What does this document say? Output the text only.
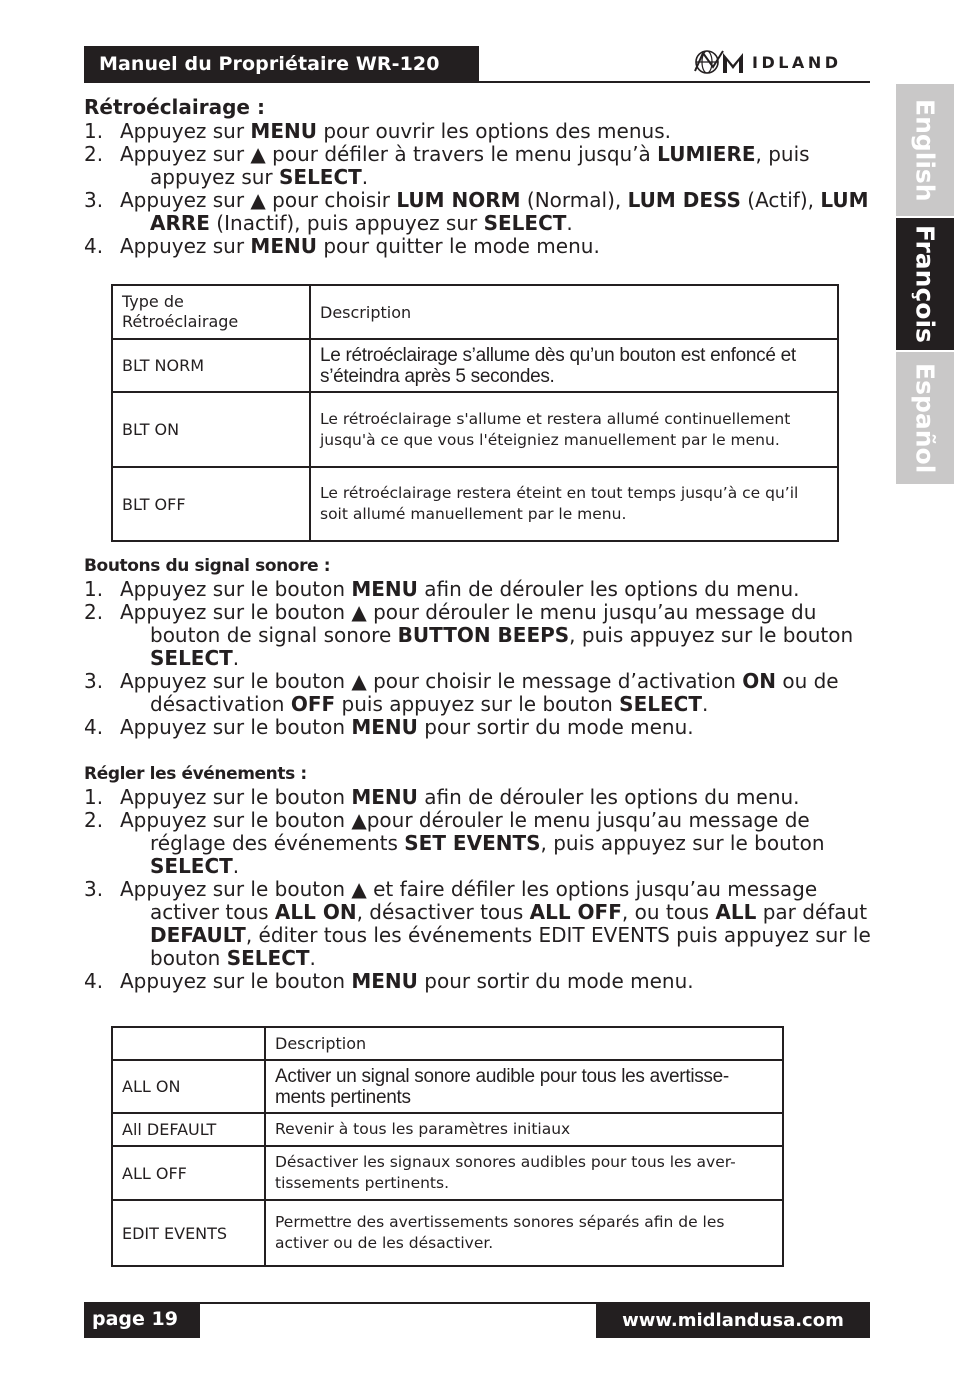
Manuel du Propriétaire WR-120	IDLAND
English
François
Español
Rétroéclairage :
1. Appuyez sur MENU pour ouvrir les options des menus.
2. Appuyez sur ▲ pour défiler à travers le menu jusqu’à LUMIERE, puis appuyez sur SELECT.
3. Appuyez sur ▲ pour choisir LUM NORM (Normal), LUM DESS (Actif), LUM ARRE (Inactif), puis appuyez sur SELECT.
4. Appuyez sur MENU pour quitter le mode menu.
Type de Rétroéclairage	Description
BLT NORM	Le rétroéclairage s’allume dès qu’un bouton est enfoncé et s’éteindra après 5 secondes.
BLT ON	Le rétroéclairage s'allume et restera allumé continuellement jusqu'à ce que vous l'éteigniez manuellement par le menu.
BLT OFF	Le rétroéclairage restera éteint en tout temps jusqu’à ce qu’il soit allumé manuellement par le menu.
Boutons du signal sonore :
1. Appuyez sur le bouton MENU afin de dérouler les options du menu.
2. Appuyez sur le bouton ▲ pour dérouler le menu jusqu’au message du bouton de signal sonore BUTTON BEEPS, puis appuyez sur le bouton SELECT.
3. Appuyez sur le bouton ▲ pour choisir le message d’activation ON ou de désactivation OFF puis appuyez sur le bouton SELECT.
4. Appuyez sur le bouton MENU pour sortir du mode menu.
Régler les événements :
1. Appuyez sur le bouton MENU afin de dérouler les options du menu.
2. Appuyez sur le bouton ▲pour dérouler le menu jusqu’au message de réglage des événements SET EVENTS, puis appuyez sur le bouton SELECT.
3. Appuyez sur le bouton ▲ et faire défiler les options jusqu’au message activer tous ALL ON, désactiver tous ALL OFF, ou tous ALL par défaut DEFAULT, éditer tous les événements EDIT EVENTS puis appuyez sur le bouton SELECT.
4. Appuyez sur le bouton MENU pour sortir du mode menu.
	Description
ALL ON	Activer un signal sonore audible pour tous les avertisse-ments pertinents
All DEFAULT	Revenir à tous les paramètres initiaux
ALL OFF	Désactiver les signaux sonores audibles pour tous les aver-tissements pertinents.
EDIT EVENTS	Permettre des avertissements sonores séparés afin de les activer ou de les désactiver.
page 19	www.midlandusa.com
